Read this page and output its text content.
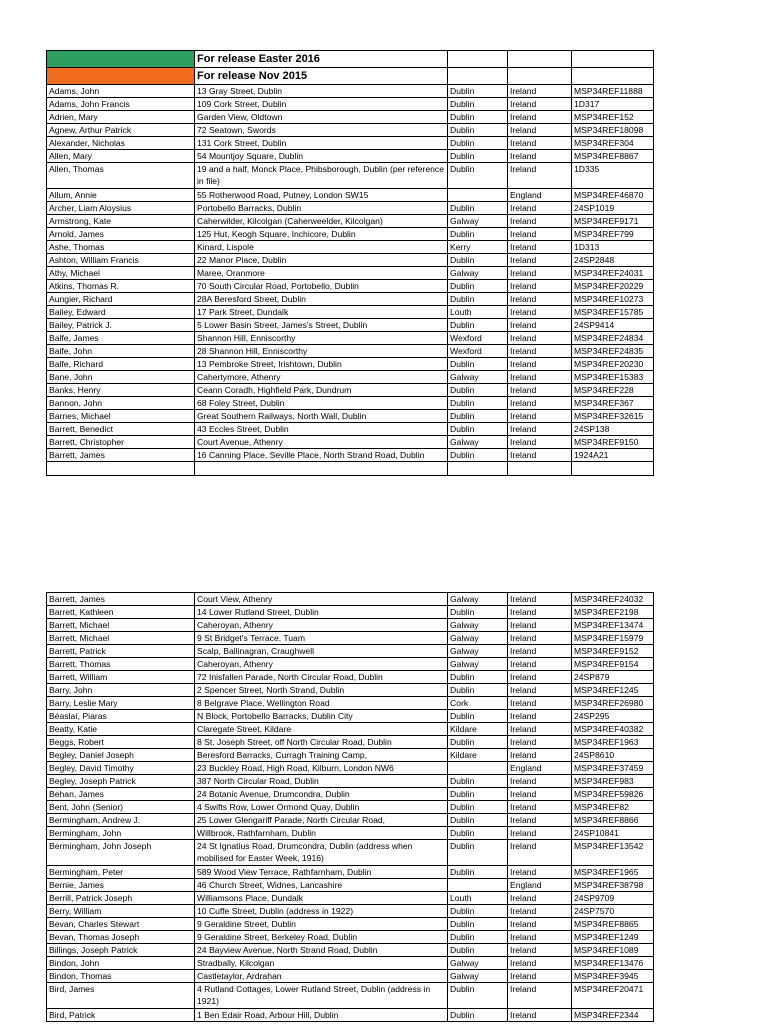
	For release Easter 2016			
	For release Nov 2015			
Adams, John	13 Gray Street, Dublin	Dublin	Ireland	MSP34REF11888
Adams, John Francis	109 Cork Street, Dublin	Dublin	Ireland	1D317
Adrien, Mary	Garden View, Oldtown	Dublin	Ireland	MSP34REF152
Agnew, Arthur Patrick	72 Seatown, Swords	Dublin	Ireland	MSP34REF18098
Alexander, Nicholas	131 Cork Street, Dublin	Dublin	Ireland	MSP34REF304
Allen, Mary	54 Mountjoy Square, Dublin	Dublin	Ireland	MSP34REF8867
Allen, Thomas	19 and a half, Monck Place, Phibsborough, Dublin (per reference in file)	Dublin	Ireland	1D335
Allum, Annie	55 Rotherwood Road, Putney, London SW15		England	MSP34REF46870
Archer, Liam Aloysius	Portobello Barracks, Dublin	Dublin	Ireland	24SP1019
Armstrong, Kate	Caherwilder, Kilcolgan (Caherweelder, Kilcolgan)	Galway	Ireland	MSP34REF9171
Arnold, James	125 Hut, Keogh Square, Inchicore, Dublin	Dublin	Ireland	MSP34REF799
Ashe, Thomas	Kinard, Lispole	Kerry	Ireland	1D313
Ashton, William Francis	22 Manor Place, Dublin	Dublin	Ireland	24SP2848
Athy, Michael	Maree, Oranmore	Galway	Ireland	MSP34REF24031
Atkins, Thomas R.	70 South Circular Road, Portobello, Dublin	Dublin	Ireland	MSP34REF20229
Aungier, Richard	28A Beresford Street, Dublin	Dublin	Ireland	MSP34REF10273
Bailey, Edward	17 Park Street, Dundalk	Louth	Ireland	MSP34REF15785
Bailey, Patrick J.	5 Lower Basin Street, James's Street, Dublin	Dublin	Ireland	24SP9414
Balfe, James	Shannon Hill, Enniscorthy	Wexford	Ireland	MSP34REF24834
Balfe, John	28 Shannon Hill, Enniscorthy	Wexford	Ireland	MSP34REF24835
Balfe, Richard	13 Pembroke Street, Irishtown, Dublin	Dublin	Ireland	MSP34REF20230
Bane, John	Cahertymore, Athenry	Galway	Ireland	MSP34REF15383
Banks, Henry	Ceann Coradh, Highfield Park, Dundrum	Dublin	Ireland	MSP34REF228
Bannon, John	68 Foley Street, Dublin	Dublin	Ireland	MSP34REF367
Barnes, Michael	Great Southern Railways, North Wall, Dublin	Dublin	Ireland	MSP34REF32615
Barrett, Benedict	43 Eccles Street, Dublin	Dublin	Ireland	24SP138
Barrett, Christopher	Court Avenue, Athenry	Galway	Ireland	MSP34REF9150
Barrett, James	16 Canning Place, Seville Place, North Strand Road, Dublin	Dublin	Ireland	1924A21

Barrett, James	Court View, Athenry	Galway	Ireland	MSP34REF24032
Barrett, Kathleen	14 Lower Rutland Street, Dublin	Dublin	Ireland	MSP34REF2198
Barrett, Michael	Caheroyan, Athenry	Galway	Ireland	MSP34REF13474
Barrett, Michael	9 St Bridget's Terrace, Tuam	Galway	Ireland	MSP34REF15979
Barrett, Patrick	Scalp, Ballinagran, Craughwell	Galway	Ireland	MSP34REF9152
Barrett, Thomas	Caheroyan, Athenry	Galway	Ireland	MSP34REF9154
Barrett, William	72 Inisfallen Parade, North Circular Road, Dublin	Dublin	Ireland	24SP879
Barry, John	2 Spencer Street, North Strand, Dublin	Dublin	Ireland	MSP34REF1245
Barry, Leslie Mary	8 Belgrave Place, Wellington Road	Cork	Ireland	MSP34REF26980
Béaslaí, Piaras	N Block, Portobello Barracks, Dublin City	Dublin	Ireland	24SP295
Beatty, Katie	Claregate Street, Kildare	Kildare	Ireland	MSP34REF40382
Beggs, Robert	8 St. Joseph Street, off North Circular Road, Dublin	Dublin	Ireland	MSP34REF1963
Begley, Daniel Joseph	Beresford Barracks, Curragh Training Camp,	Kildare	Ireland	24SP8610
Begley, David Timothy	23 Buckley Road, High Road, Kilburn, London NW6		England	MSP34REF37459
Begley, Joseph Patrick	387 North Circular Road, Dublin	Dublin	Ireland	MSP34REF983
Behan, James	24 Botanic Avenue, Drumcondra, Dublin	Dublin	Ireland	MSP34REF59826
Bent, John (Senior)	4 Swifts Row, Lower Ormond Quay, Dublin	Dublin	Ireland	MSP34REF82
Bermingham, Andrew J.	25 Lower Glengariff Parade, North Circular Road,	Dublin	Ireland	MSP34REF8866
Bermingham, John	Willbrook, Rathfarnham, Dublin	Dublin	Ireland	24SP10841
Bermingham, John Joseph	24 St Ignatius Road, Drumcondra, Dublin (address when mobilised for Easter Week, 1916)	Dublin	Ireland	MSP34REF13542
Bermingham, Peter	589 Wood View Terrace, Rathfarnham, Dublin	Dublin	Ireland	MSP34REF1965
Bernie, James	46 Church Street, Widnes, Lancashire		England	MSP34REF38798
Berrill, Patrick Joseph	Williamsons Place, Dundalk	Louth	Ireland	24SP9709
Berry, William	10 Cuffe Street, Dublin (address in 1922)	Dublin	Ireland	24SP7570
Bevan, Charles Stewart	9 Geraldine Street, Dublin	Dublin	Ireland	MSP34REF8865
Bevan, Thomas Joseph	9 Geraldine Street, Berkeley Road, Dublin	Dublin	Ireland	MSP34REF1249
Billings, Joseph Patrick	24 Bayview Avenue, North Strand Road, Dublin	Dublin	Ireland	MSP34REF1089
Bindon, John	Stradbally, Kilcolgan	Galway	Ireland	MSP34REF13476
Bindon, Thomas	Castletaylor, Ardrahan	Galway	Ireland	MSP34REF3945
Bird, James	4 Rutland Cottages, Lower Rutland Street, Dublin (address in 1921)	Dublin	Ireland	MSP34REF20471
Bird, Patrick	1 Ben Edair Road, Arbour Hill, Dublin	Dublin	Ireland	MSP34REF2344
